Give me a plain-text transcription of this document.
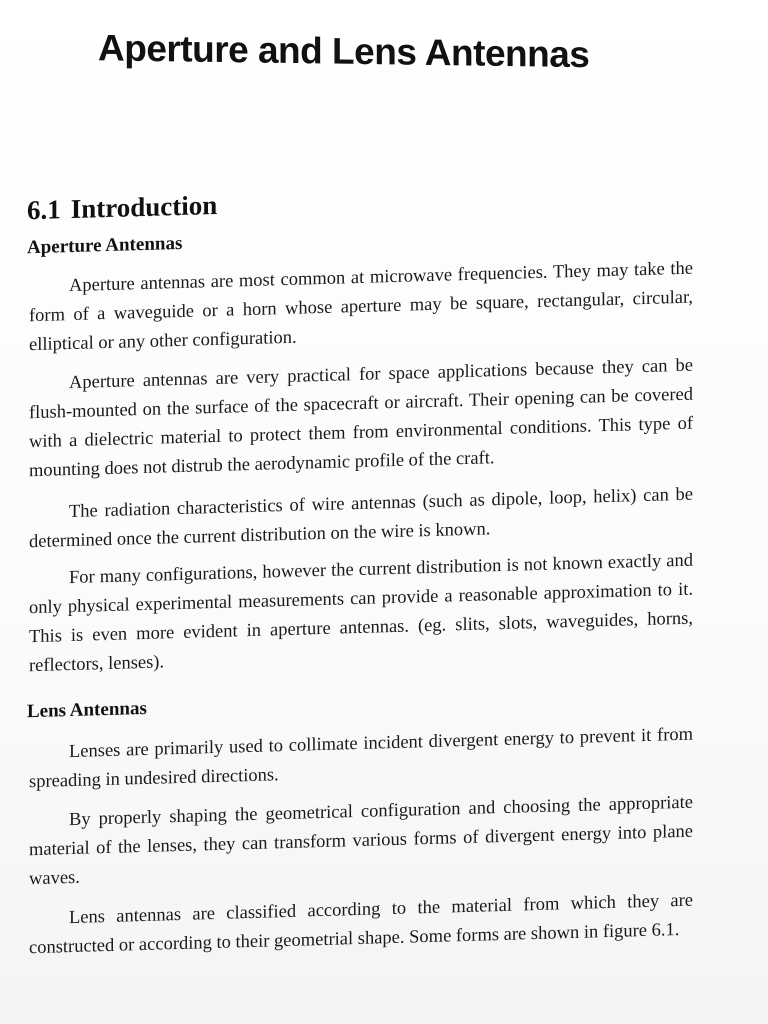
Aperture and Lens Antennas
6.1 Introduction
Aperture Antennas

Aperture antennas are most common at microwave frequencies. They may take the form of a waveguide or a horn whose aperture may be square, rectangular, circular, elliptical or any other configuration.

Aperture antennas are very practical for space applications because they can be flush-mounted on the surface of the spacecraft or aircraft. Their opening can be covered with a dielectric material to protect them from environmental conditions. This type of mounting does not distrub the aerodynamic profile of the craft.

The radiation characteristics of wire antennas (such as dipole, loop, helix) can be determined once the current distribution on the wire is known.

For many configurations, however the current distribution is not known exactly and only physical experimental measurements can provide a reasonable approximation to it. This is even more evident in aperture antennas. (eg. slits, slots, waveguides, horns, reflectors, lenses).

Lens Antennas

Lenses are primarily used to collimate incident divergent energy to prevent it from spreading in undesired directions.

By properly shaping the geometrical configuration and choosing the appropriate material of the lenses, they can transform various forms of divergent energy into plane waves.

Lens antennas are classified according to the material from which they are constructed or according to their geometrial shape. Some forms are shown in figure 6.1.
